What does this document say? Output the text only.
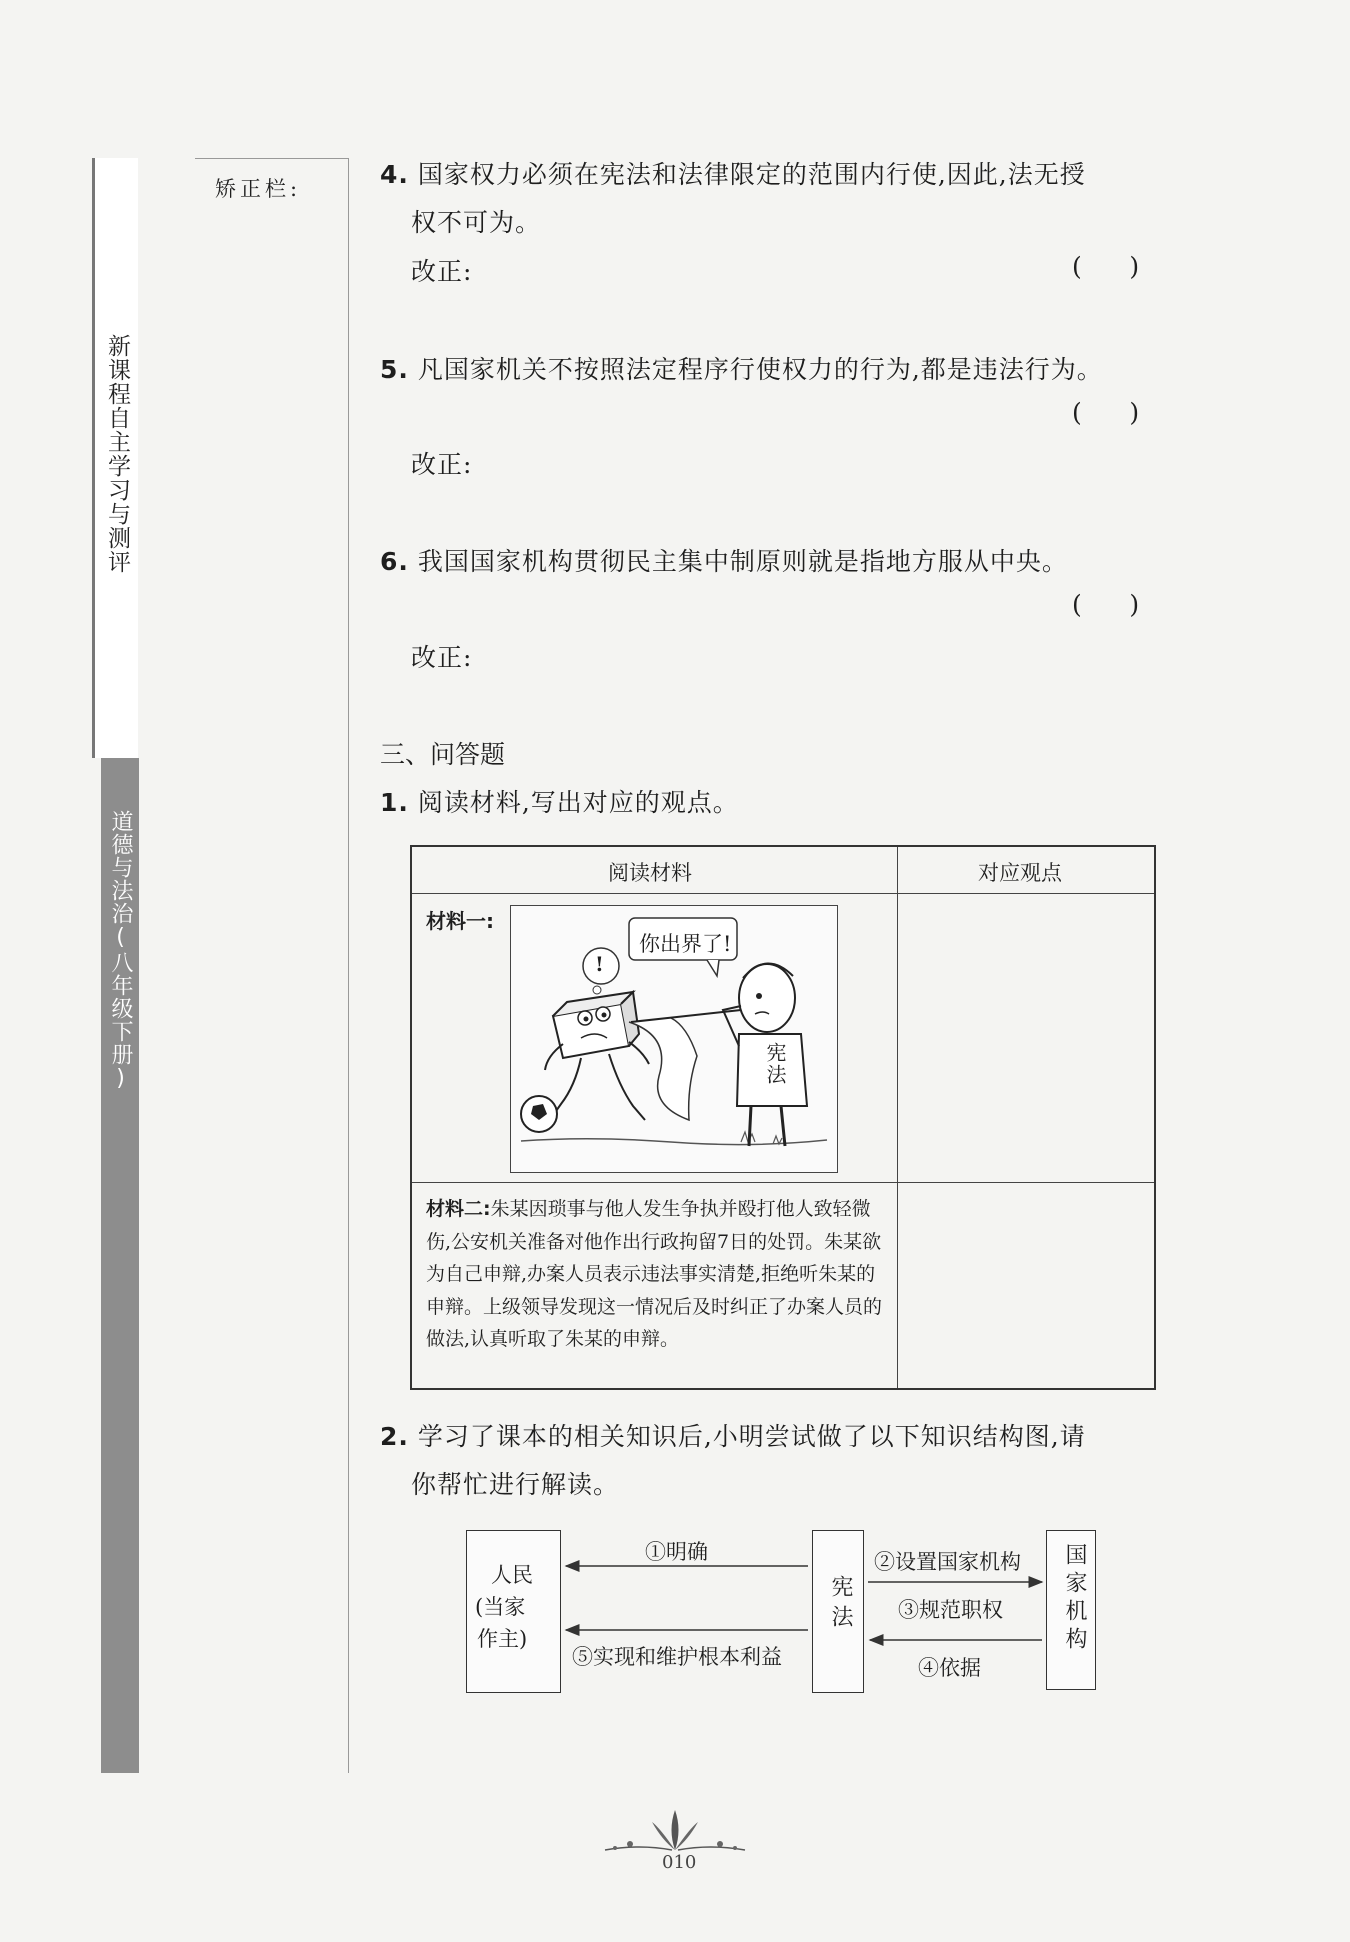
新课程自主学习与测评
道德与法治(八年级下册)
矫正栏:	4. 国家权力必须在宪法和法律限定的范围内行使,因此,法无授
权不可为。
改正:	(      )
5. 凡国家机关不按照法定程序行使权力的行为,都是违法行为。
(      )
改正:
6. 我国国家机构贯彻民主集中制原则就是指地方服从中央。
(      )
改正:
三、问答题
1. 阅读材料,写出对应的观点。
阅读材料	对应观点
材料一:
你出界了!
!
宪法
材料二:朱某因琐事与他人发生争执并殴打他人致轻微伤,公安机关准备对他作出行政拘留7日的处罚。朱某欲为自己申辩,办案人员表示违法事实清楚,拒绝听朱某的申辩。上级领导发现这一情况后及时纠正了办案人员的做法,认真听取了朱某的申辩。
2. 学习了课本的相关知识后,小明尝试做了以下知识结构图,请
你帮忙进行解读。
人民
(当家
作主)
宪法	国家机构
①明确
⑤实现和维护根本利益
②设置国家机构
③规范职权
④依据
010
